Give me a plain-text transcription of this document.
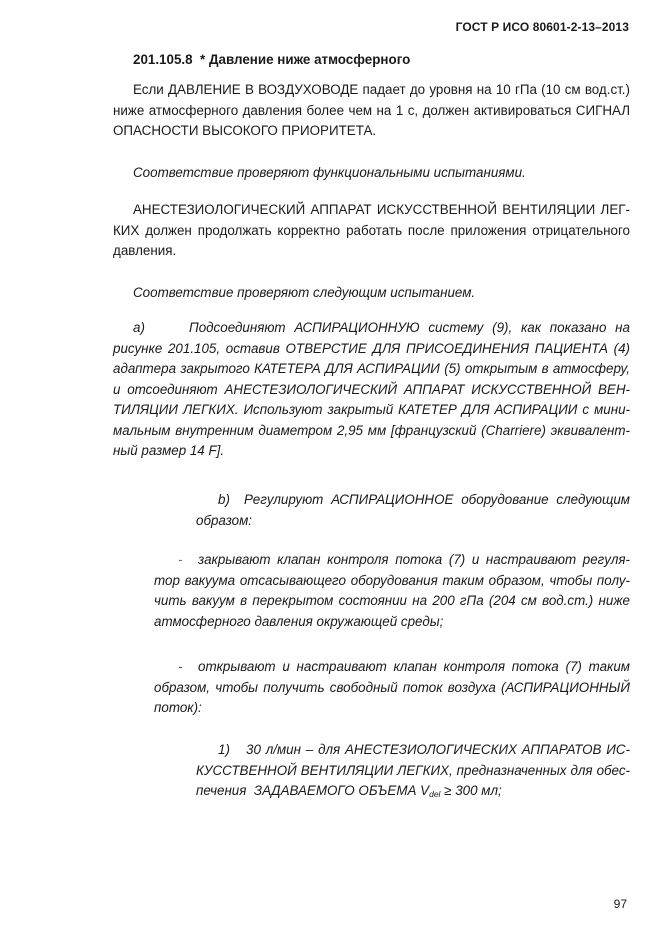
ГОСТ Р ИСО 80601-2-13–2013
201.105.8 * Давление ниже атмосферного
Если ДАВЛЕНИЕ В ВОЗДУХОВОДЕ падает до уровня на 10 гПа (10 см вод.ст.)
ниже атмосферного давления более чем на 1 с, должен активироваться СИГНАЛ
ОПАСНОСТИ ВЫСОКОГО ПРИОРИТЕТА.
Соответствие проверяют функциональными испытаниями.
АНЕСТЕЗИОЛОГИЧЕСКИЙ АППАРАТ ИСКУССТВЕННОЙ ВЕНТИЛЯЦИИ ЛЕГ-
КИХ должен продолжать корректно работать после приложения отрицательного
давления.
Соответствие проверяют следующим испытанием.
a)	Подсоединяют АСПИРАЦИОННУЮ систему (9), как показано на
рисунке 201.105, оставив ОТВЕРСТИЕ ДЛЯ ПРИСОЕДИНЕНИЯ ПАЦИЕНТА (4)
адаптера закрытого КАТЕТЕРА ДЛЯ АСПИРАЦИИ (5) открытым в атмосферу,
и отсоединяют АНЕСТЕЗИОЛОГИЧЕСКИЙ АППАРАТ ИСКУССТВЕННОЙ ВЕН-
ТИЛЯЦИИ ЛЕГКИХ. Используют закрытый КАТЕТЕР ДЛЯ АСПИРАЦИИ с мини-
мальным внутренним диаметром 2,95 мм [французский (Charriere) эквивалент-
ный размер 14 F].
b) Регулируют АСПИРАЦИОННОЕ оборудование следующим
образом:
- закрывают клапан контроля потока (7) и настраивают регуля-
тор вакуума отсасывающего оборудования таким образом, чтобы полу-
чить вакуум в перекрытом состоянии на 200 гПа (204 см вод.ст.) ниже
атмосферного давления окружающей среды;
- открывают и настраивают клапан контроля потока (7) таким
образом, чтобы получить свободный поток воздуха (АСПИРАЦИОННЫЙ
поток):
1) 30 л/мин – для АНЕСТЕЗИОЛОГИЧЕСКИХ АППАРАТОВ ИС-
КУССТВЕННОЙ ВЕНТИЛЯЦИИ ЛЕГКИХ, предназначенных для обес-
печения  ЗАДАВАЕМОГО ОБЪЕМА $V_{del} \ge 300$ мл;
97
